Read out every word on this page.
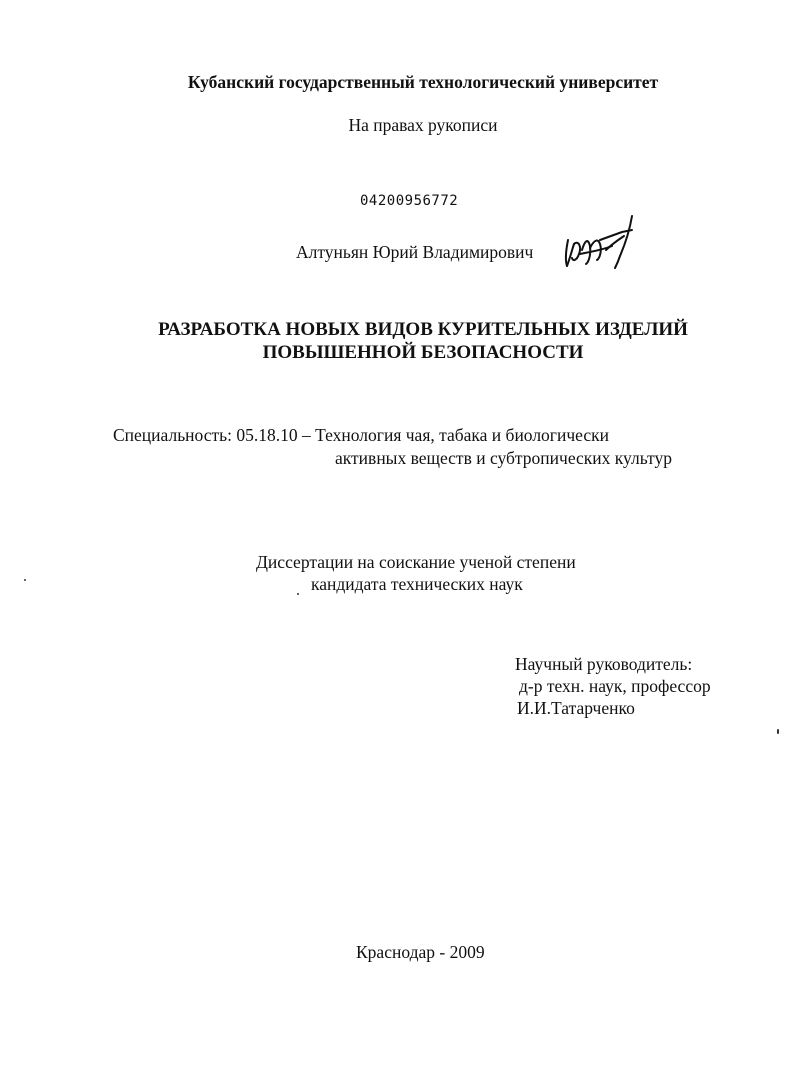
Кубанский государственный технологический университет
На правах рукописи
04200956772
Алтуньян Юрий Владимирович
РАЗРАБОТКА НОВЫХ ВИДОВ КУРИТЕЛЬНЫХ ИЗДЕЛИЙ
ПОВЫШЕННОЙ БЕЗОПАСНОСТИ
Специальность: 05.18.10 – Технология чая, табака и биологически
активных веществ и субтропических культур
Диссертации на соискание ученой степени
кандидата технических наук
Научный руководитель:
д-р техн. наук, профессор
И.И.Татарченко
Краснодар - 2009
